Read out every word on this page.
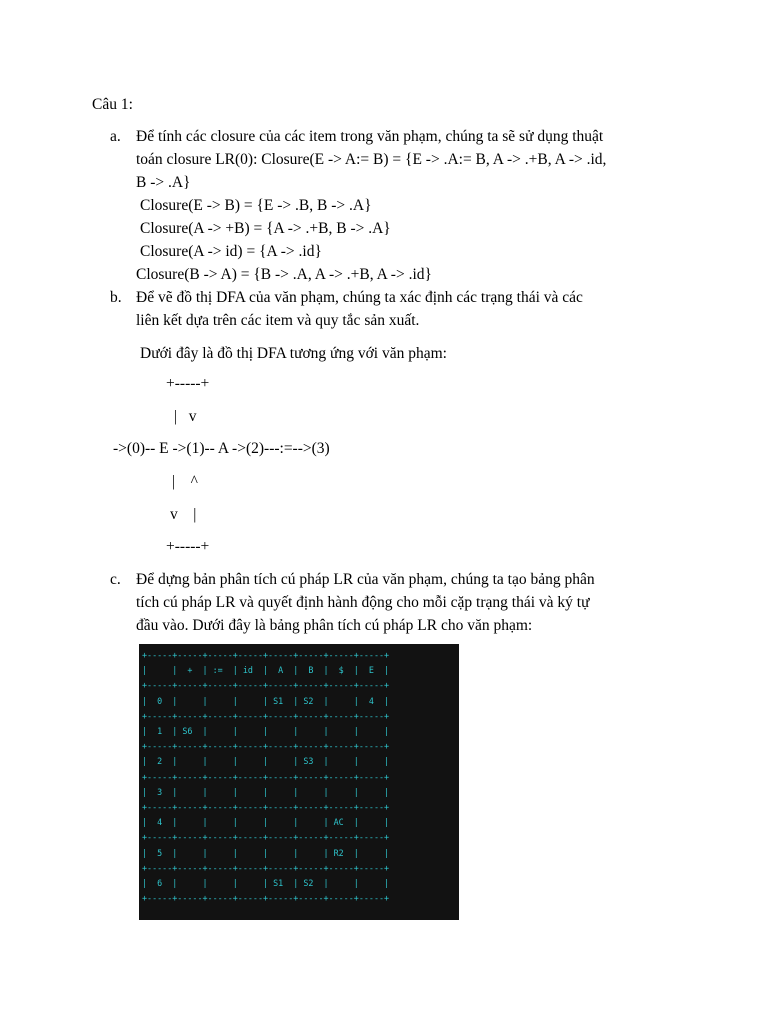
Câu 1:
a. Để tính các closure của các item trong văn phạm, chúng ta sẽ sử dụng thuật
toán closure LR(0): Closure(E -> A:= B) = {E -> .A:= B, A -> .+B, A -> .id,
B -> .A}
Closure(E -> B) = {E -> .B, B -> .A}
Closure(A -> +B) = {A -> .+B, B -> .A}
Closure(A -> id) = {A -> .id}
Closure(B -> A) = {B -> .A, A -> .+B, A -> .id}
b. Để vẽ đồ thị DFA của văn phạm, chúng ta xác định các trạng thái và các
liên kết dựa trên các item và quy tắc sản xuất.
Dưới đây là đồ thị DFA tương ứng với văn phạm:
+-----+
|   v
->(0)-- E ->(1)-- A ->(2)---:=-->(3)
|    ^
v    |
+-----+
c. Để dựng bản phân tích cú pháp LR của văn phạm, chúng ta tạo bảng phân
tích cú pháp LR và quyết định hành động cho mỗi cặp trạng thái và ký tự
đầu vào. Dưới đây là bảng phân tích cú pháp LR cho văn phạm:
+-----+-----+-----+-----+-----+-----+-----+-----+
|     |  +  | :=  | id  |  A  |  B  |  $  |  E  |
+-----+-----+-----+-----+-----+-----+-----+-----+
|  0  |     |     |     | S1  | S2  |     |  4  |
+-----+-----+-----+-----+-----+-----+-----+-----+
|  1  | S6  |     |     |     |     |     |     |
+-----+-----+-----+-----+-----+-----+-----+-----+
|  2  |     |     |     |     | S3  |     |     |
+-----+-----+-----+-----+-----+-----+-----+-----+
|  3  |     |     |     |     |     |     |     |
+-----+-----+-----+-----+-----+-----+-----+-----+
|  4  |     |     |     |     |     | AC  |     |
+-----+-----+-----+-----+-----+-----+-----+-----+
|  5  |     |     |     |     |     | R2  |     |
+-----+-----+-----+-----+-----+-----+-----+-----+
|  6  |     |     |     | S1  | S2  |     |     |
+-----+-----+-----+-----+-----+-----+-----+-----+
